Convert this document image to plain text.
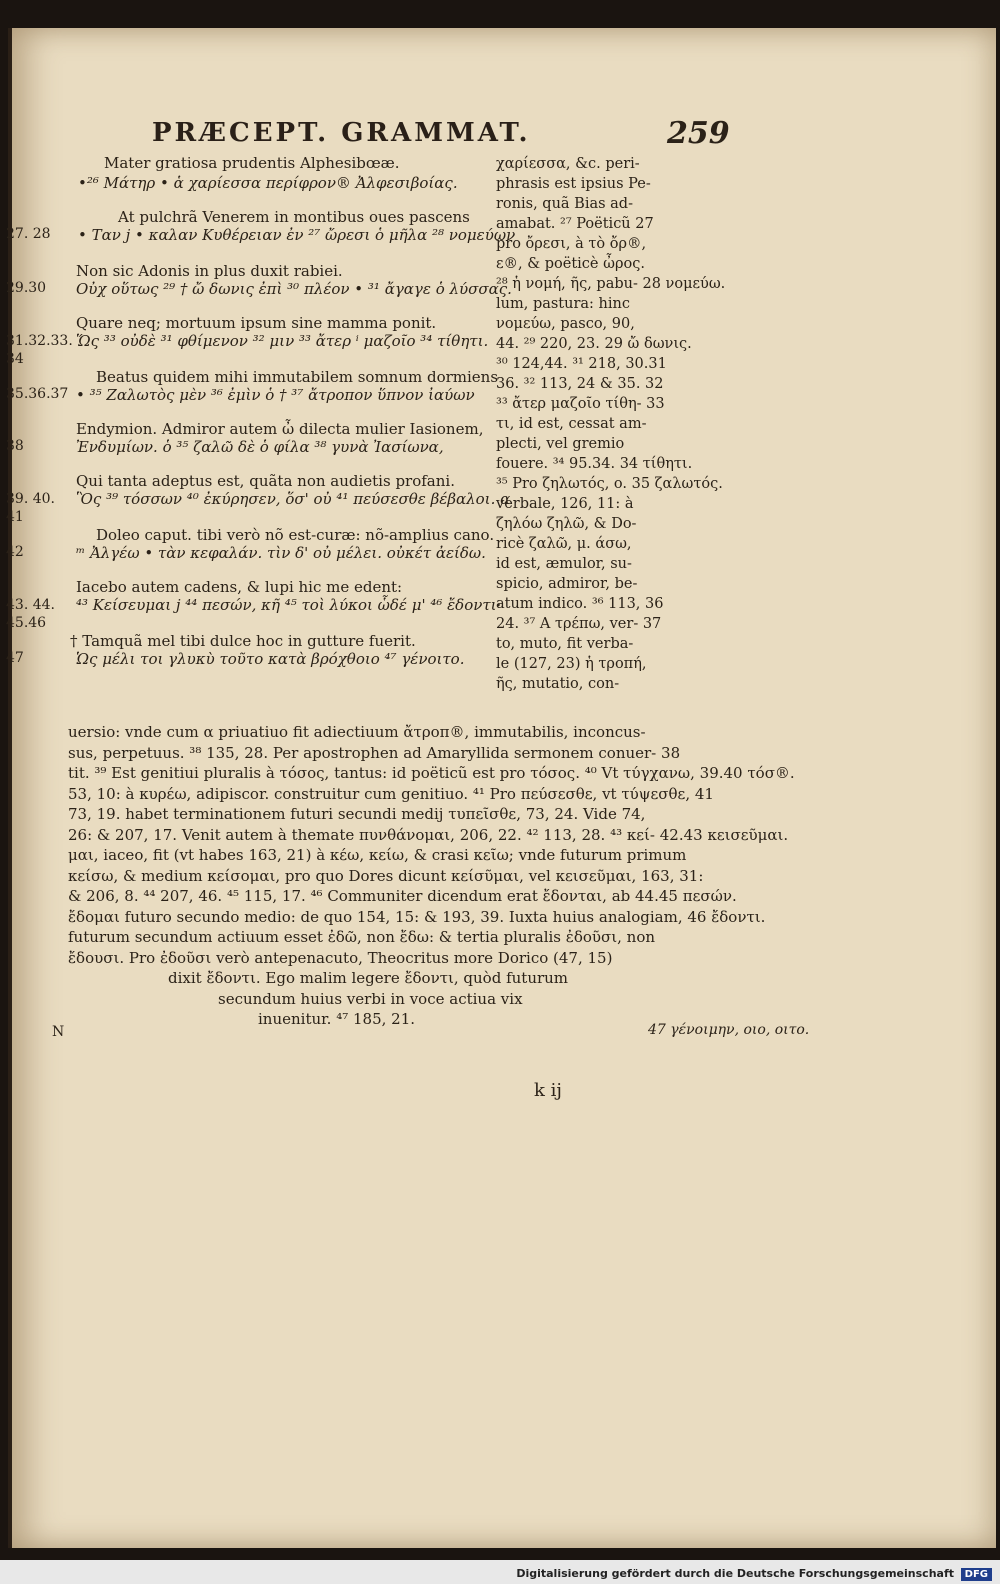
PRÆCEPT. GRAMMAT.	259
Mater gratiosa prudentis Alphesibœæ.
•²⁶ Μάτηρ • ἁ χαρίεσσα περίφρον® Ἀλφεσιβοίας.
At pulchrã Venerem in montibus oues pascens
27. 28 • Ταν ϳ • καλαν Κυθέρειαν ἐν ²⁷ ὤρεσι ὁ μῆλα ²⁸ νομεύων
Non sic Adonis in plus duxit rabiei.
29.30 Οὐχ οὕτως ²⁹ † ὤ δωνις ἐπὶ ³⁰ πλέον • ³¹ ἄγαγε ὁ λύσσας.
Quare neq; mortuum ipsum sine mamma ponit.
31.32.33. 34
Ὥς ³³ οὐδὲ ³¹ φθίμενον ³² μιν ³³ ἄτερ ⁱ μαζοῖο ³⁴ τίθητι.
Beatus quidem mihi immutabilem somnum dormiens
35.36.37 • ³⁵ Ζαλωτὸς μὲν ³⁶ ἐμὶν ὁ † ³⁷ ἄτροπον ὕπνον ἰαύων
Endymion. Admiror autem ὦ dilecta mulier Iasionem,
38	Ἐνδυμίων. ὁ ³⁵ ζαλῶ δὲ ὁ φίλα ³⁸ γυνὰ Ἰασίωνα,
Qui tanta adeptus est, quãta non audietis profani.
39. 40. 41
Ὃς ³⁹ τόσσων ⁴⁰ ἐκύρησεν, ὅσ' οὐ ⁴¹ πεύσεσθε βέβαλοι. α
Doleo caput. tibi verò nõ est-curæ: nõ-amplius cano.
42	ᵐ Ἀλγέω • τὰν κεφαλάν. τὶν δ' οὐ μέλει. οὐκέτ ἀείδω.
Iacebo autem cadens, & lupi hic me edent:
43. 44. 45.46
⁴³ Κείσευμαι ϳ ⁴⁴ πεσών, κῆ ⁴⁵ τοὶ λύκοι ὧδέ μ' ⁴⁶ ἔδοντι·
† Tamquã mel tibi dulce hoc in gutture fuerit.
47	Ὡς μέλι τοι γλυκὺ τοῦτο κατὰ βρόχθοιο ⁴⁷ γένοιτο.
χαρίεσσα, &c. peri-
phrasis est ipsius Pe-
ronis, quã Bias ad-
amabat. ²⁷ Poëticũ 27
pro ὄρεσι, à τὸ ὄρ®,
ε®, & poëticè ὦρος.
²⁸ ἡ νομή, ῆς, pabu- 28 νομεύω.
lum, pastura: hinc
νομεύω, pasco, 90,
44. ²⁹ 220, 23. 29 ὤ δωνις.
³⁰ 124,44. ³¹ 218, 30.31
36. ³² 113, 24 & 35. 32
³³ ἄτερ μαζοῖο τίθη- 33
τι, id est, cessat am-
plecti, vel gremio
fouere. ³⁴ 95.34. 34 τίθητι.
³⁵ Pro ζηλωτός, o. 35 ζαλωτός.
verbale, 126, 11: à
ζηλόω ζηλῶ, & Do-
ricè ζαλῶ, μ. άσω,
id est, æmulor, su-
spicio, admiror, be-
atum indico. ³⁶ 113, 36
24. ³⁷ A τρέπω, ver- 37
to, muto, fit verba-
le (127, 23) ἡ τροπή,
ῆς, mutatio, con-
uersio: vnde cum α priuatiuo fit adiectiuum ἄτροπ®, immutabilis, inconcus-
sus, perpetuus. ³⁸ 135, 28. Per apostrophen ad Amaryllida sermonem conuer- 38
tit. ³⁹ Est genitiui pluralis à τόσος, tantus: id poëticũ est pro τόσος. ⁴⁰ Vt τύγχανω, 39.40 τόσ®.
53, 10: à κυρέω, adipiscor. construitur cum genitiuo. ⁴¹ Pro πεύσεσθε, vt τύψεσθε, 41
73, 19. habet terminationem futuri secundi medij τυπεῖσθε, 73, 24. Vide 74,
26: & 207, 17. Venit autem à themate πυνθάνομαι, 206, 22. ⁴² 113, 28. ⁴³ κεί- 42.43 κεισεῦμαι.
μαι, iaceo, fit (vt habes 163, 21) à κέω, κείω, & crasi κεῖω; vnde futurum primum
κείσω, & medium κείσομαι, pro quo Dores dicunt κείσῦμαι, vel κεισεῦμαι, 163, 31:
& 206, 8. ⁴⁴ 207, 46. ⁴⁵ 115, 17. ⁴⁶ Communiter dicendum erat ἔδονται, ab 44.45 πεσών.
ἔδομαι futuro secundo medio: de quo 154, 15: & 193, 39. Iuxta huius analogiam, 46 ἔδοντι.
futurum secundum actiuum esset ἐδῶ, non ἔδω: & tertia pluralis ἐδοῦσι, non
ἔδουσι. Pro ἐδοῦσι verò antepenacuto, Theocritus more Dorico (47, 15)
dixit ἔδοντι. Ego malim legere ἔδοντι, quòd futurum
secundum huius verbi in voce actiua vix
inuenitur. ⁴⁷ 185, 21.
N	47 γένοιμην, οιο, οιτο.
k ij
Digitalisierung gefördert durch die Deutsche Forschungsgemeinschaft	DFG
